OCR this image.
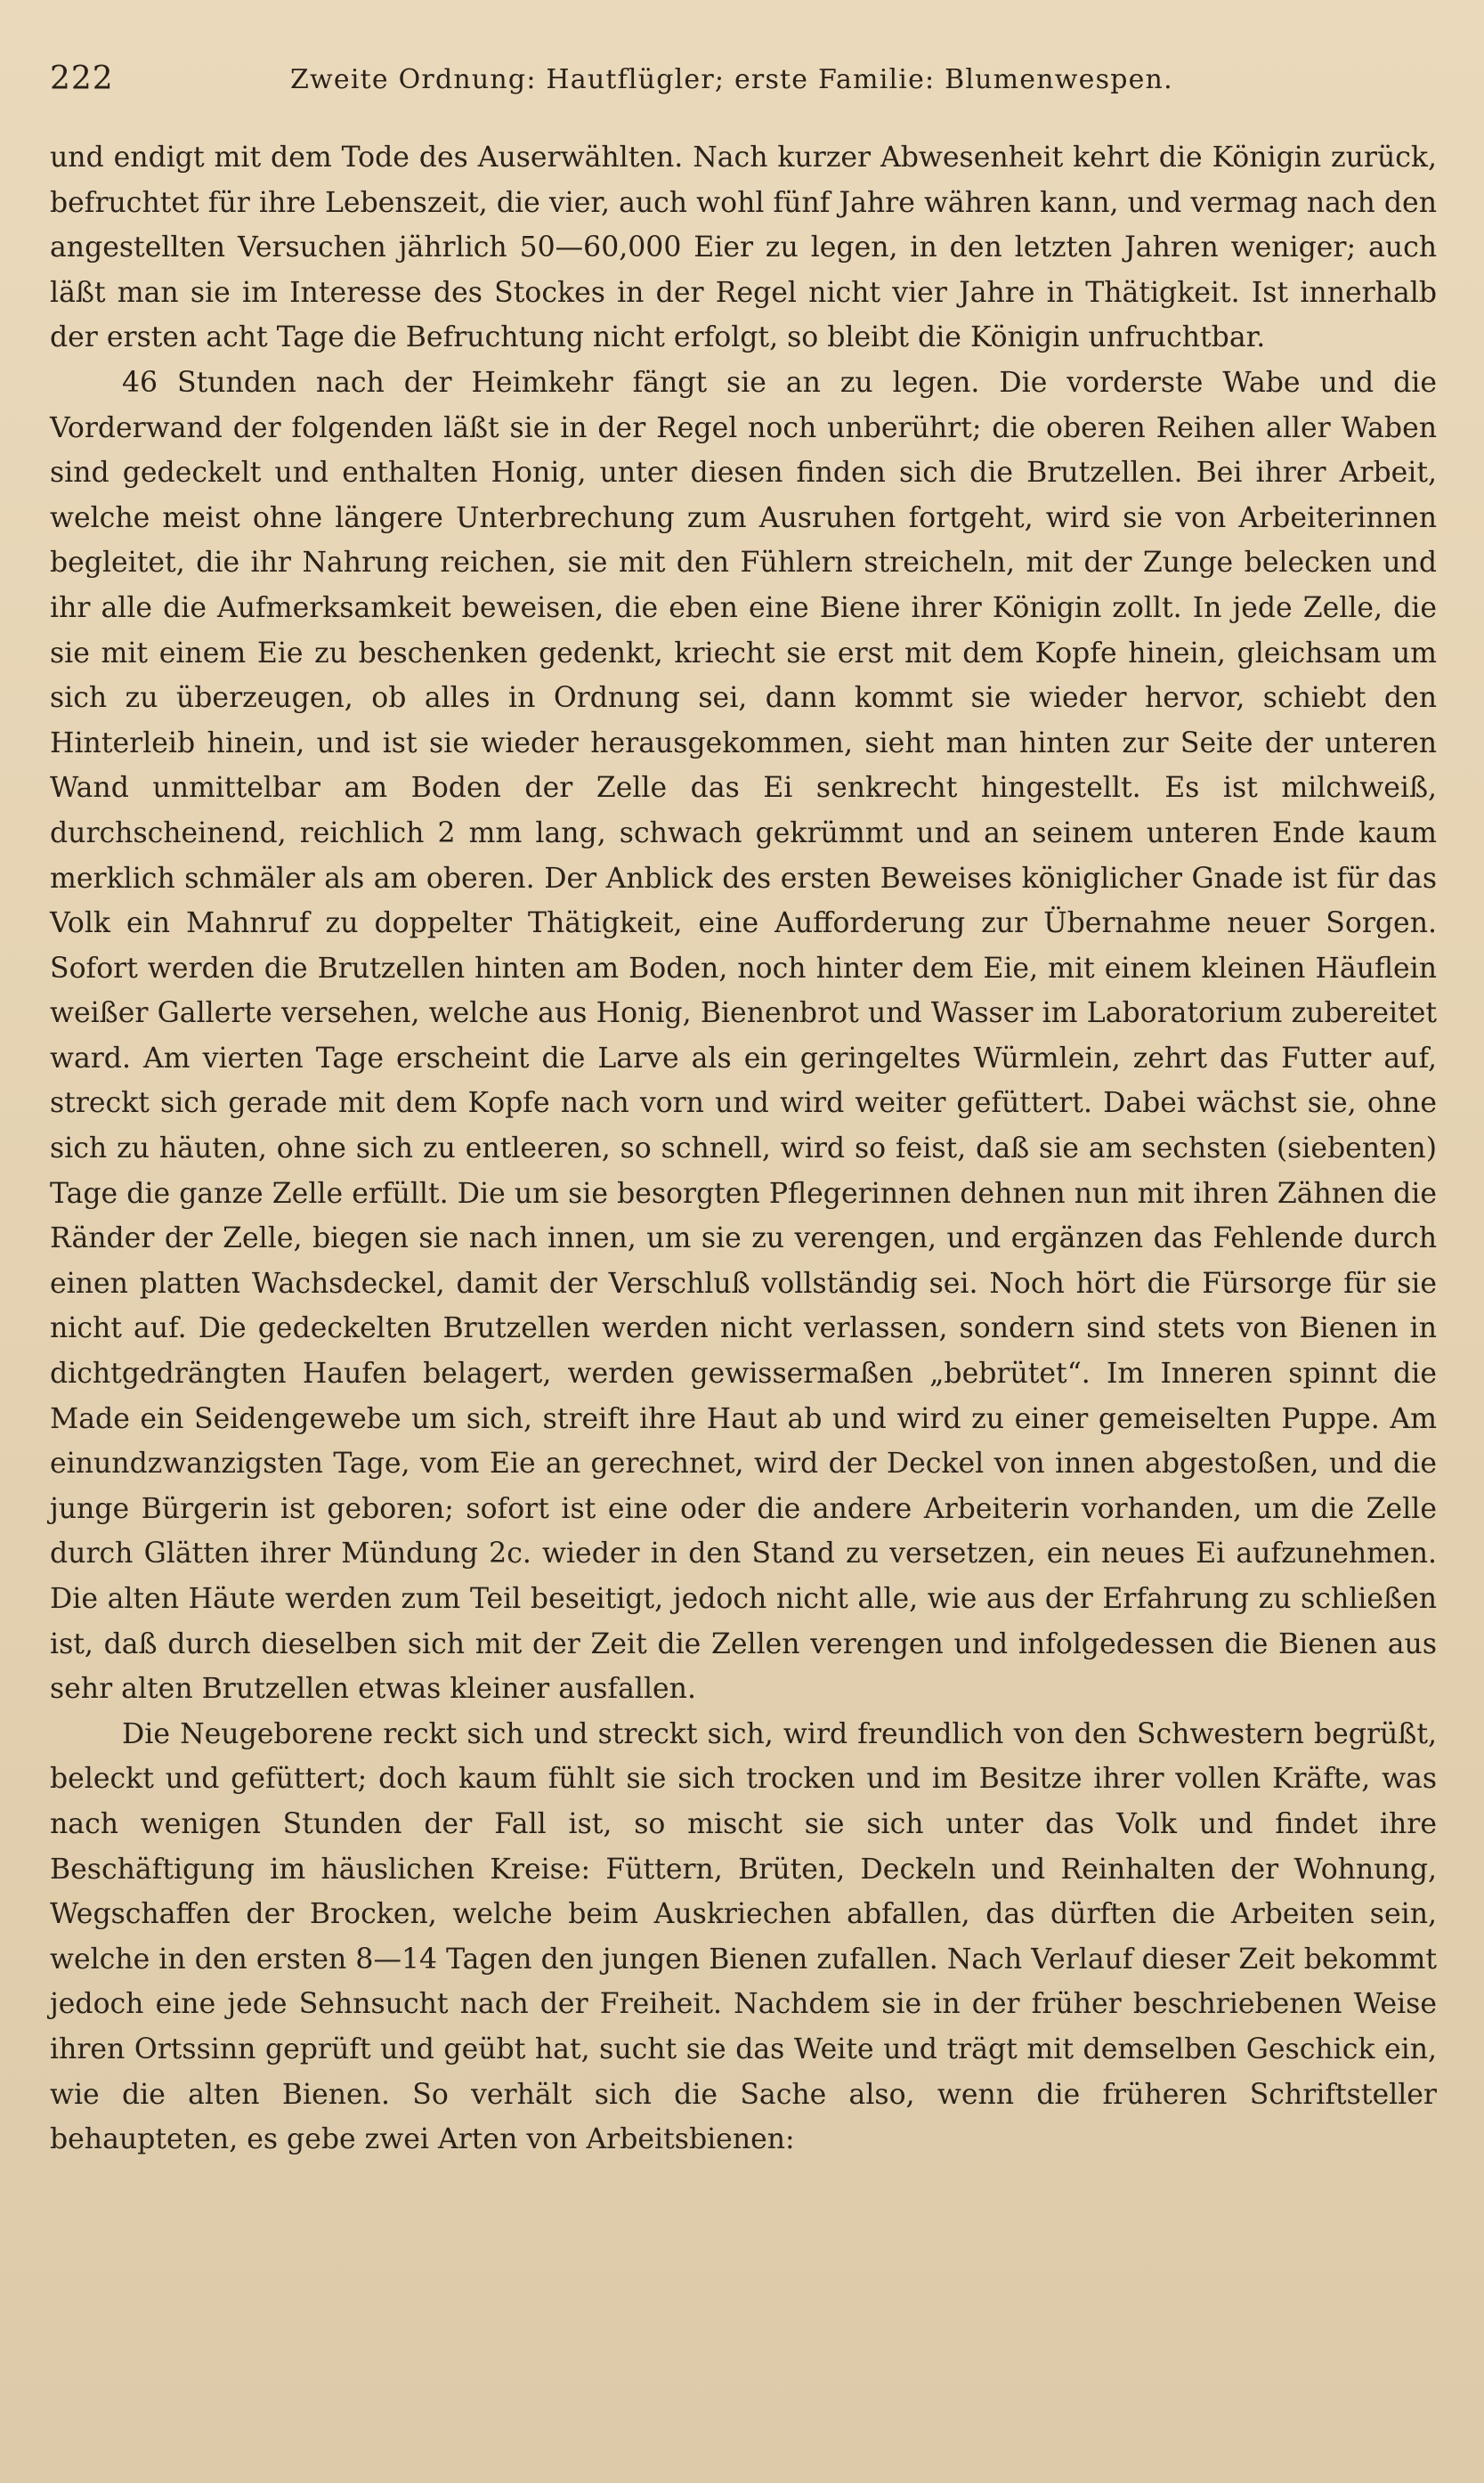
222	Zweite Ordnung: Hautflügler; erste Familie: Blumenwespen.

und endigt mit dem Tode des Auserwählten. Nach kurzer Abwesenheit kehrt die Königin zurück, befruchtet für ihre Lebenszeit, die vier, auch wohl fünf Jahre währen kann, und vermag nach den angestellten Versuchen jährlich 50—60,000 Eier zu legen, in den letzten Jahren weniger; auch läßt man sie im Interesse des Stockes in der Regel nicht vier Jahre in Thätigkeit. Ist innerhalb der ersten acht Tage die Befruchtung nicht erfolgt, so bleibt die Königin unfruchtbar.

46 Stunden nach der Heimkehr fängt sie an zu legen. Die vorderste Wabe und die Vorderwand der folgenden läßt sie in der Regel noch unberührt; die oberen Reihen aller Waben sind gedeckelt und enthalten Honig, unter diesen finden sich die Brutzellen. Bei ihrer Arbeit, welche meist ohne längere Unterbrechung zum Ausruhen fortgeht, wird sie von Arbeiterinnen begleitet, die ihr Nahrung reichen, sie mit den Fühlern streicheln, mit der Zunge belecken und ihr alle die Aufmerksamkeit beweisen, die eben eine Biene ihrer Königin zollt. In jede Zelle, die sie mit einem Eie zu beschenken gedenkt, kriecht sie erst mit dem Kopfe hinein, gleichsam um sich zu überzeugen, ob alles in Ordnung sei, dann kommt sie wieder hervor, schiebt den Hinterleib hinein, und ist sie wieder herausgekommen, sieht man hinten zur Seite der unteren Wand unmittelbar am Boden der Zelle das Ei senkrecht hingestellt. Es ist milchweiß, durchscheinend, reichlich 2 mm lang, schwach gekrümmt und an seinem unteren Ende kaum merklich schmäler als am oberen. Der Anblick des ersten Beweises königlicher Gnade ist für das Volk ein Mahnruf zu doppelter Thätigkeit, eine Aufforderung zur Übernahme neuer Sorgen. Sofort werden die Brutzellen hinten am Boden, noch hinter dem Eie, mit einem kleinen Häuflein weißer Gallerte versehen, welche aus Honig, Bienenbrot und Wasser im Laboratorium zubereitet ward. Am vierten Tage erscheint die Larve als ein geringeltes Würmlein, zehrt das Futter auf, streckt sich gerade mit dem Kopfe nach vorn und wird weiter gefüttert. Dabei wächst sie, ohne sich zu häuten, ohne sich zu entleeren, so schnell, wird so feist, daß sie am sechsten (siebenten) Tage die ganze Zelle erfüllt. Die um sie besorgten Pflegerinnen dehnen nun mit ihren Zähnen die Ränder der Zelle, biegen sie nach innen, um sie zu verengen, und ergänzen das Fehlende durch einen platten Wachsdeckel, damit der Verschluß vollständig sei. Noch hört die Fürsorge für sie nicht auf. Die gedeckelten Brutzellen werden nicht verlassen, sondern sind stets von Bienen in dichtgedrängten Haufen belagert, werden gewissermaßen „bebrütet“. Im Inneren spinnt die Made ein Seidengewebe um sich, streift ihre Haut ab und wird zu einer gemeiselten Puppe. Am einundzwanzigsten Tage, vom Eie an gerechnet, wird der Deckel von innen abgestoßen, und die junge Bürgerin ist geboren; sofort ist eine oder die andere Arbeiterin vorhanden, um die Zelle durch Glätten ihrer Mündung 2c. wieder in den Stand zu versetzen, ein neues Ei aufzunehmen. Die alten Häute werden zum Teil beseitigt, jedoch nicht alle, wie aus der Erfahrung zu schließen ist, daß durch dieselben sich mit der Zeit die Zellen verengen und infolgedessen die Bienen aus sehr alten Brutzellen etwas kleiner ausfallen.

Die Neugeborene reckt sich und streckt sich, wird freundlich von den Schwestern begrüßt, beleckt und gefüttert; doch kaum fühlt sie sich trocken und im Besitze ihrer vollen Kräfte, was nach wenigen Stunden der Fall ist, so mischt sie sich unter das Volk und findet ihre Beschäftigung im häuslichen Kreise: Füttern, Brüten, Deckeln und Reinhalten der Wohnung, Wegschaffen der Brocken, welche beim Auskriechen abfallen, das dürften die Arbeiten sein, welche in den ersten 8—14 Tagen den jungen Bienen zufallen. Nach Verlauf dieser Zeit bekommt jedoch eine jede Sehnsucht nach der Freiheit. Nachdem sie in der früher beschriebenen Weise ihren Ortssinn geprüft und geübt hat, sucht sie das Weite und trägt mit demselben Geschick ein, wie die alten Bienen. So verhält sich die Sache also, wenn die früheren Schriftsteller behaupteten, es gebe zwei Arten von Arbeitsbienen:
